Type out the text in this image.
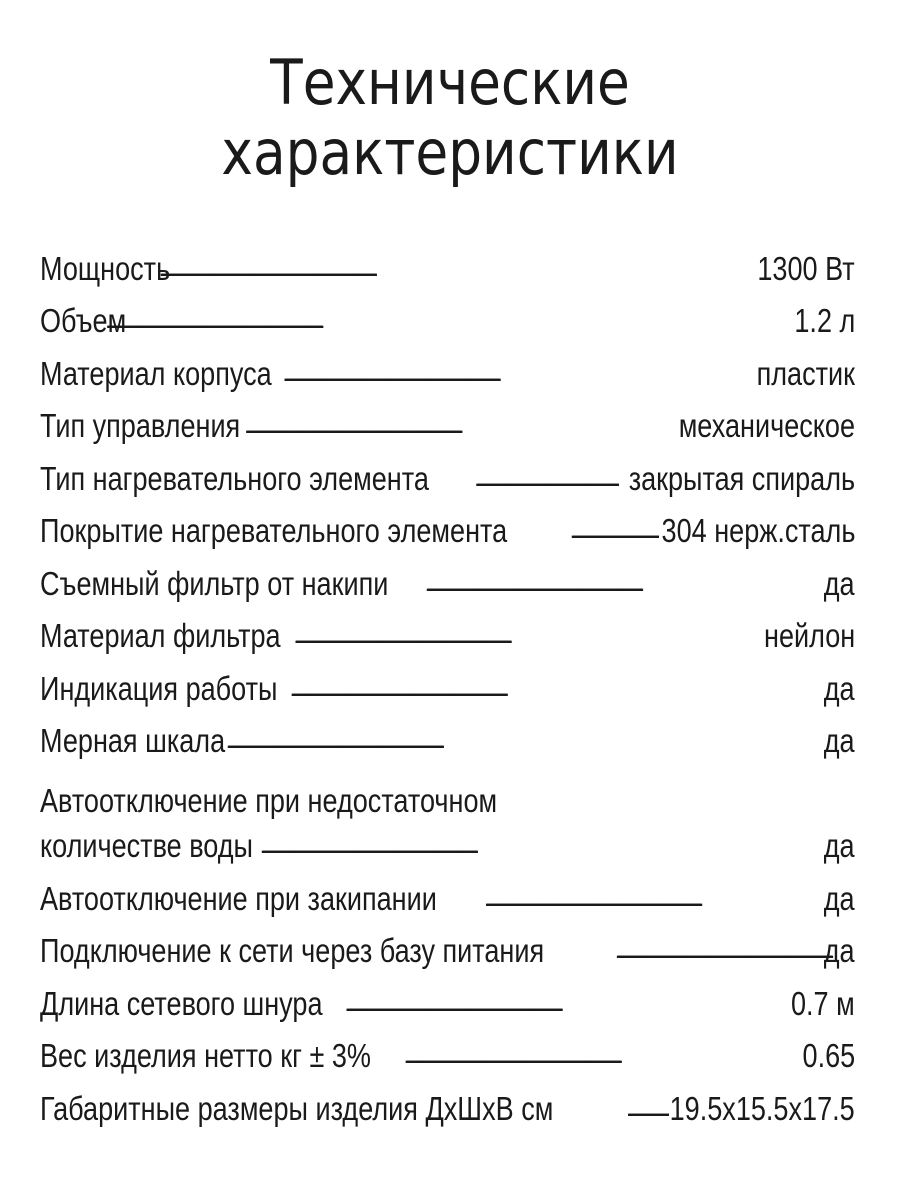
Технические
характеристики
Мощность . . .	1300 Вт
Объем . . .	1.2 л
Материал корпуса . . .	пластик
Тип управления . . .	механическое
Тип нагревательного элемента . . .	закрытая спираль
Покрытие нагревательного элемента . . .	304 нерж.сталь
Съемный фильтр от накипи . . .	да
Материал фильтра . . .	нейлон
Индикация работы . . .	да
Мерная шкала . . .	да
Автоотключение при недостаточном
количестве воды . . .	да
Автоотключение при закипании . . .	да
Подключение к сети через базу питания . . .	да
Длина сетевого шнура . . .	0.7 м
Вес изделия нетто кг ± 3% . . .	0.65
Габаритные размеры изделия ДхШхВ см . . .	19.5х15.5х17.5
